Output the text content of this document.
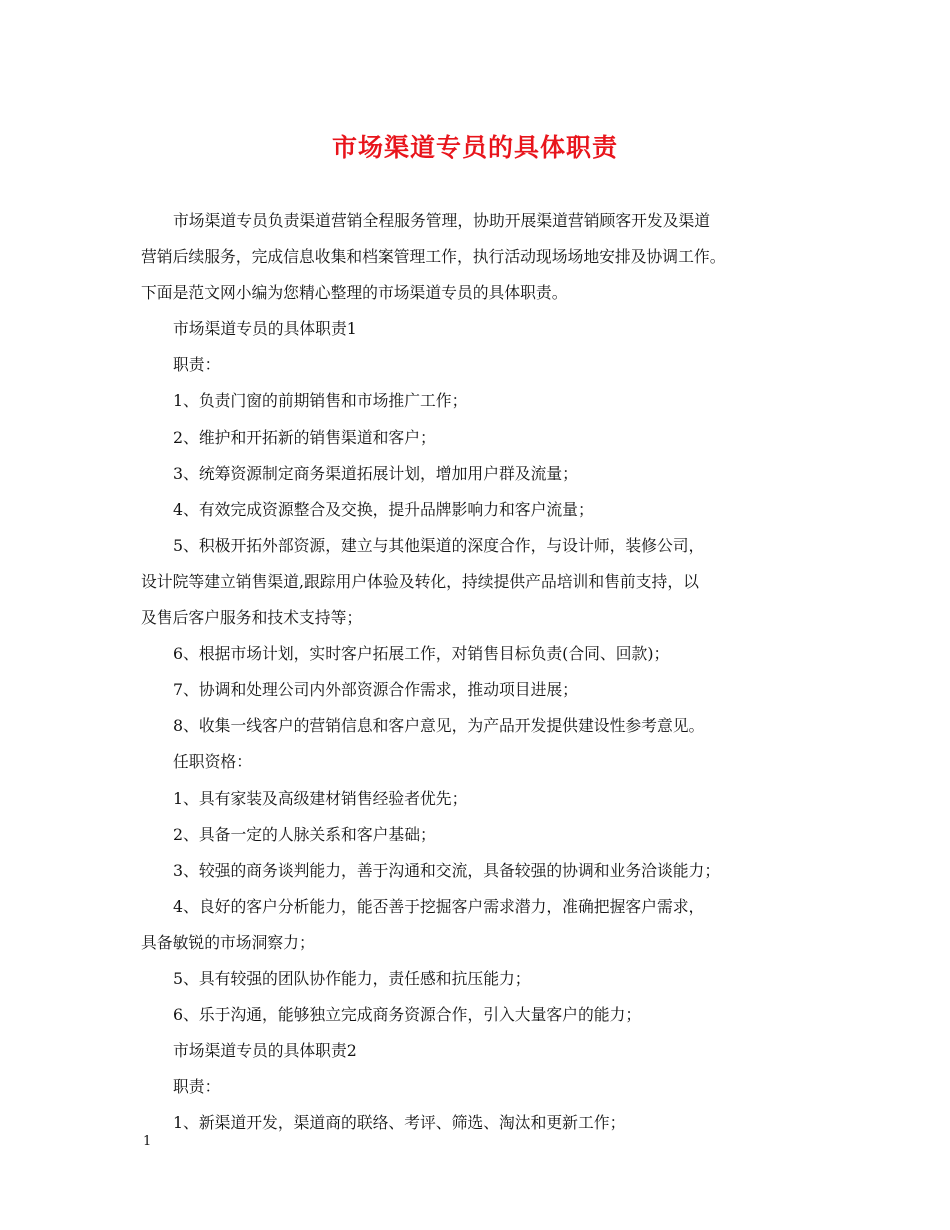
市场渠道专员的具体职责

市场渠道专员负责渠道营销全程服务管理，协助开展渠道营销顾客开发及渠道

营销后续服务，完成信息收集和档案管理工作，执行活动现场场地安排及协调工作。

下面是范文网小编为您精心整理的市场渠道专员的具体职责。

市场渠道专员的具体职责1

职责：

1、负责门窗的前期销售和市场推广工作；

2、维护和开拓新的销售渠道和客户；

3、统筹资源制定商务渠道拓展计划，增加用户群及流量；

4、有效完成资源整合及交换，提升品牌影响力和客户流量；

5、积极开拓外部资源，建立与其他渠道的深度合作，与设计师，装修公司，

设计院等建立销售渠道,跟踪用户体验及转化，持续提供产品培训和售前支持，以

及售后客户服务和技术支持等；

6、根据市场计划，实时客户拓展工作，对销售目标负责(合同、回款)；

7、协调和处理公司内外部资源合作需求，推动项目进展；

8、收集一线客户的营销信息和客户意见，为产品开发提供建设性参考意见。

任职资格：

1、具有家装及高级建材销售经验者优先；

2、具备一定的人脉关系和客户基础；

3、较强的商务谈判能力，善于沟通和交流，具备较强的协调和业务洽谈能力；

4、良好的客户分析能力，能否善于挖掘客户需求潜力，准确把握客户需求，

具备敏锐的市场洞察力；

5、具有较强的团队协作能力，责任感和抗压能力；

6、乐于沟通，能够独立完成商务资源合作，引入大量客户的能力；

市场渠道专员的具体职责2

职责：

1、新渠道开发，渠道商的联络、考评、筛选、淘汰和更新工作；

1
